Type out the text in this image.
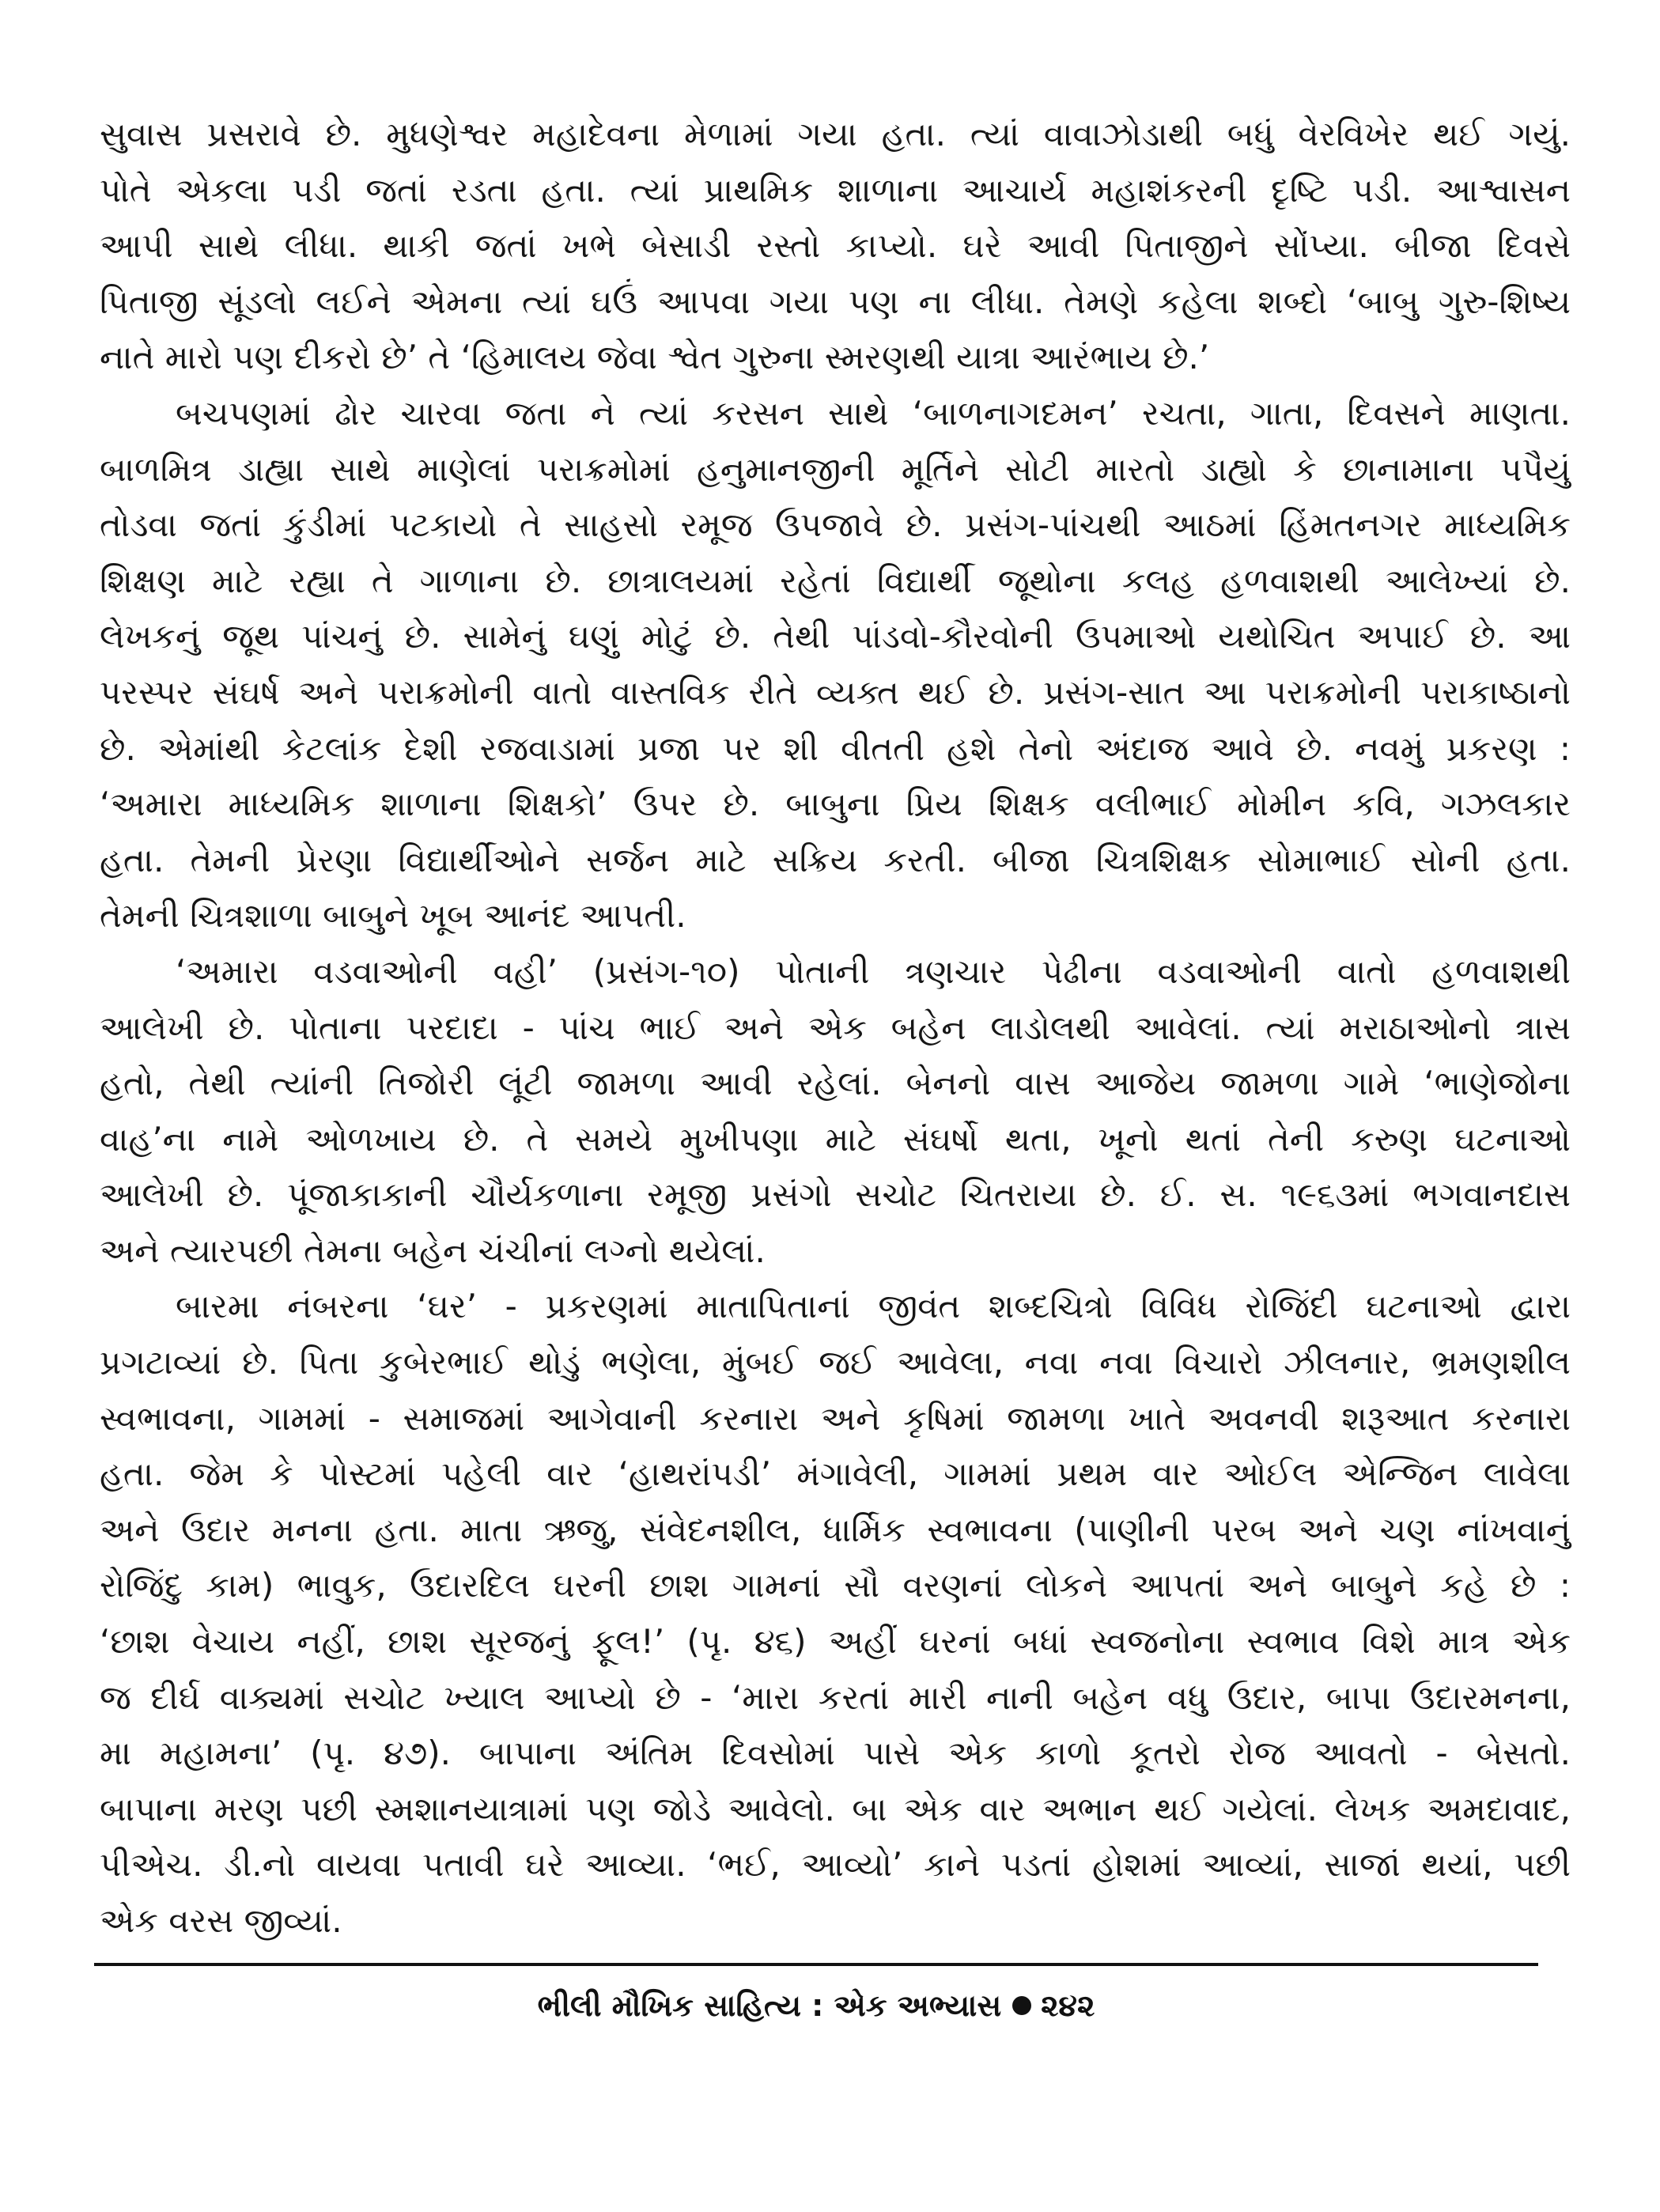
સુવાસ પ્રસરાવે છે. મુધણેશ્વર મહાદેવના મેળામાં ગયા હતા. ત્યાં વાવાઝોડાથી બધું વેરવિખેર થઈ ગયું.
પોતે એકલા પડી જતાં રડતા હતા. ત્યાં પ્રાથમિક શાળાના આચાર્ય મહાશંકરની દૃષ્ટિ પડી. આશ્વાસન
આપી સાથે લીધા. થાકી જતાં ખભે બેસાડી રસ્તો કાપ્યો. ઘરે આવી પિતાજીને સોંપ્યા. બીજા દિવસે
પિતાજી સૂંડલો લઈને એમના ત્યાં ઘઉં આપવા ગયા પણ ના લીધા. તેમણે કહેલા શબ્દો ‘બાબુ ગુરુ-શિષ્ય
નાતે મારો પણ દીકરો છે’ તે ‘હિમાલય જેવા શ્વેત ગુરુના સ્મરણથી યાત્રા આરંભાય છે.’
બચપણમાં ઢોર ચારવા જતા ને ત્યાં કરસન સાથે ‘બાળનાગદમન’ રચતા, ગાતા, દિવસને માણતા.
બાળમિત્ર ડાહ્યા સાથે માણેલાં પરાક્રમોમાં હનુમાનજીની મૂર્તિને સોટી મારતો ડાહ્યો કે છાનામાના પપૈયું
તોડવા જતાં કુંડીમાં પટકાયો તે સાહસો રમૂજ ઉપજાવે છે. પ્રસંગ-પાંચથી આઠમાં હિંમતનગર માધ્યમિક
શિક્ષણ માટે રહ્યા તે ગાળાના છે. છાત્રાલયમાં રહેતાં વિદ્યાર્થી જૂથોના કલહ હળવાશથી આલેખ્યાં છે.
લેખકનું જૂથ પાંચનું છે. સામેનું ઘણું મોટું છે. તેથી પાંડવો-કૌરવોની ઉપમાઓ યથોચિત અપાઈ છે. આ
પરસ્પર સંઘર્ષ અને પરાક્રમોની વાતો વાસ્તવિક રીતે વ્યક્ત થઈ છે. પ્રસંગ-સાત આ પરાક્રમોની પરાકાષ્ઠાનો
છે. એમાંથી કેટલાંક દેશી રજવાડામાં પ્રજા પર શી વીતતી હશે તેનો અંદાજ આવે છે. નવમું પ્રકરણ :
‘અમારા માધ્યમિક શાળાના શિક્ષકો’ ઉપર છે. બાબુના પ્રિય શિક્ષક વલીભાઈ મોમીન કવિ, ગઝલકાર
હતા. તેમની પ્રેરણા વિદ્યાર્થીઓને સર્જન માટે સક્રિય કરતી. બીજા ચિત્રશિક્ષક સોમાભાઈ સોની હતા.
તેમની ચિત્રશાળા બાબુને ખૂબ આનંદ આપતી.
‘અમારા વડવાઓની વહી’ (પ્રસંગ-૧૦) પોતાની ત્રણચાર પેઢીના વડવાઓની વાતો હળવાશથી
આલેખી છે. પોતાના પરદાદા - પાંચ ભાઈ અને એક બહેન લાડોલથી આવેલાં. ત્યાં મરાઠાઓનો ત્રાસ
હતો, તેથી ત્યાંની તિજોરી લૂંટી જામળા આવી રહેલાં. બેનનો વાસ આજેય જામળા ગામે ‘ભાણેજોના
વાહ’ના નામે ઓળખાય છે. તે સમયે મુખીપણા માટે સંઘર્ષો થતા, ખૂનો થતાં તેની કરુણ ઘટનાઓ
આલેખી છે. પૂંજાકાકાની ચૌર્યકળાના રમૂજી પ્રસંગો સચોટ ચિતરાયા છે. ઈ. સ. ૧૯૬૩માં ભગવાનદાસ
અને ત્યારપછી તેમના બહેન ચંચીનાં લગ્નો થયેલાં.
બારમા નંબરના ‘ઘર’ - પ્રકરણમાં માતાપિતાનાં જીવંત શબ્દચિત્રો વિવિધ રોજિંદી ઘટનાઓ દ્વારા
પ્રગટાવ્યાં છે. પિતા કુબેરભાઈ થોડું ભણેલા, મુંબઈ જઈ આવેલા, નવા નવા વિચારો ઝીલનાર, ભ્રમણશીલ
સ્વભાવના, ગામમાં - સમાજમાં આગેવાની કરનારા અને કૃષિમાં જામળા ખાતે અવનવી શરૂઆત કરનારા
હતા. જેમ કે પોસ્ટમાં પહેલી વાર ‘હાથરાંપડી’ મંગાવેલી, ગામમાં પ્રથમ વાર ઓઈલ એન્જિન લાવેલા
અને ઉદાર મનના હતા. માતા ઋજુ, સંવેદનશીલ, ધાર્મિક સ્વભાવના (પાણીની પરબ અને ચણ નાંખવાનું
રોજિંદુ કામ) ભાવુક, ઉદારદિલ ઘરની છાશ ગામનાં સૌ વરણનાં લોકને આપતાં અને બાબુને કહે છે :
‘છાશ વેચાય નહીં, છાશ સૂરજનું ફૂલ!’ (પૃ. ૪૬) અહીં ઘરનાં બધાં સ્વજનોના સ્વભાવ વિશે માત્ર એક
જ દીર્ઘ વાક્યમાં સચોટ ખ્યાલ આપ્યો છે - ‘મારા કરતાં મારી નાની બહેન વધુ ઉદાર, બાપા ઉદારમનના,
મા મહામના’ (પૃ. ૪૭). બાપાના અંતિમ દિવસોમાં પાસે એક કાળો કૂતરો રોજ આવતો - બેસતો.
બાપાના મરણ પછી સ્મશાનયાત્રામાં પણ જોડે આવેલો. બા એક વાર અભાન થઈ ગયેલાં. લેખક અમદાવાદ,
પીએચ. ડી.નો વાયવા પતાવી ઘરે આવ્યા. ‘ભઈ, આવ્યો’ કાને પડતાં હોશમાં આવ્યાં, સાજાં થયાં, પછી
એક વરસ જીવ્યાં.
ભીલી મૌખિક સાહિત્ય : એક અભ્યાસ ૨૪૨
